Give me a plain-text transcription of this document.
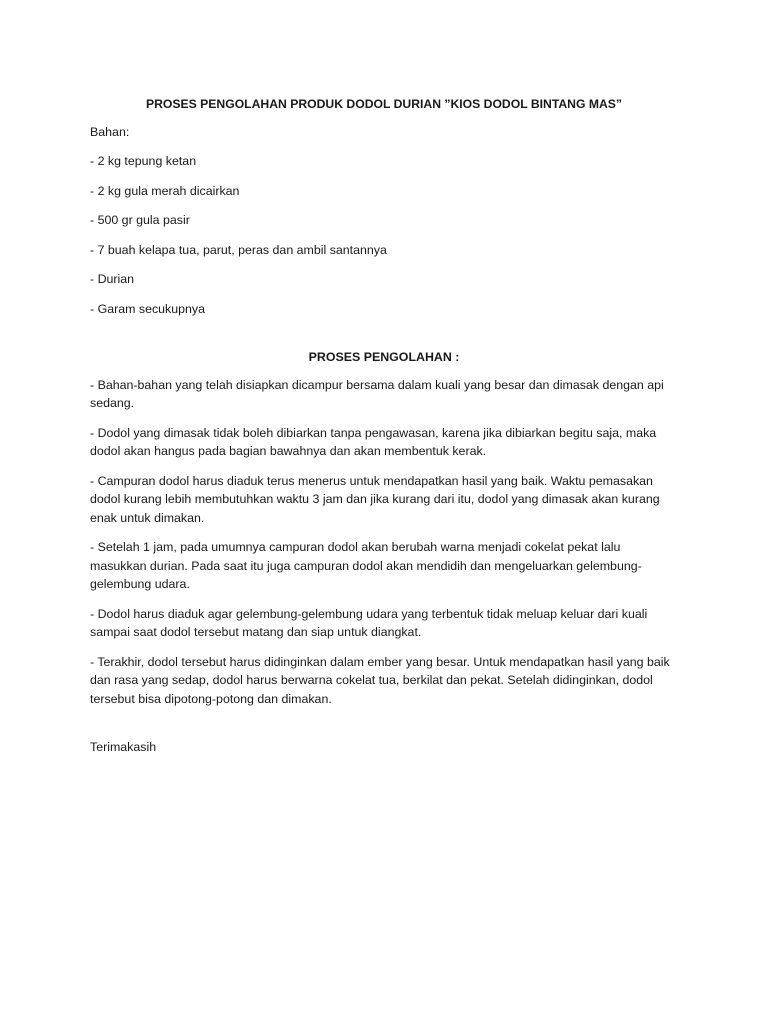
PROSES PENGOLAHAN PRODUK DODOL DURIAN ”KIOS DODOL BINTANG MAS”
Bahan:
- 2 kg tepung ketan
- 2 kg gula merah dicairkan
- 500 gr gula pasir
- 7 buah kelapa tua, parut, peras dan ambil santannya
- Durian
- Garam secukupnya
PROSES PENGOLAHAN :
- Bahan-bahan yang telah disiapkan dicampur bersama dalam kuali yang besar dan dimasak dengan api sedang.
- Dodol yang dimasak tidak boleh dibiarkan tanpa pengawasan, karena jika dibiarkan begitu saja, maka dodol akan hangus pada bagian bawahnya dan akan membentuk kerak.
- Campuran dodol harus diaduk terus menerus untuk mendapatkan hasil yang baik. Waktu pemasakan dodol kurang lebih membutuhkan waktu 3 jam dan jika kurang dari itu, dodol yang dimasak akan kurang enak untuk dimakan.
- Setelah 1 jam, pada umumnya campuran dodol akan berubah warna menjadi cokelat pekat lalu masukkan durian. Pada saat itu juga campuran dodol akan mendidih dan mengeluarkan gelembung-gelembung udara.
- Dodol harus diaduk agar gelembung-gelembung udara yang terbentuk tidak meluap keluar dari kuali sampai saat dodol tersebut matang dan siap untuk diangkat.
- Terakhir, dodol tersebut harus didinginkan dalam ember yang besar. Untuk mendapatkan hasil yang baik dan rasa yang sedap, dodol harus berwarna cokelat tua, berkilat dan pekat. Setelah didinginkan, dodol tersebut bisa dipotong-potong dan dimakan.
Terimakasih
